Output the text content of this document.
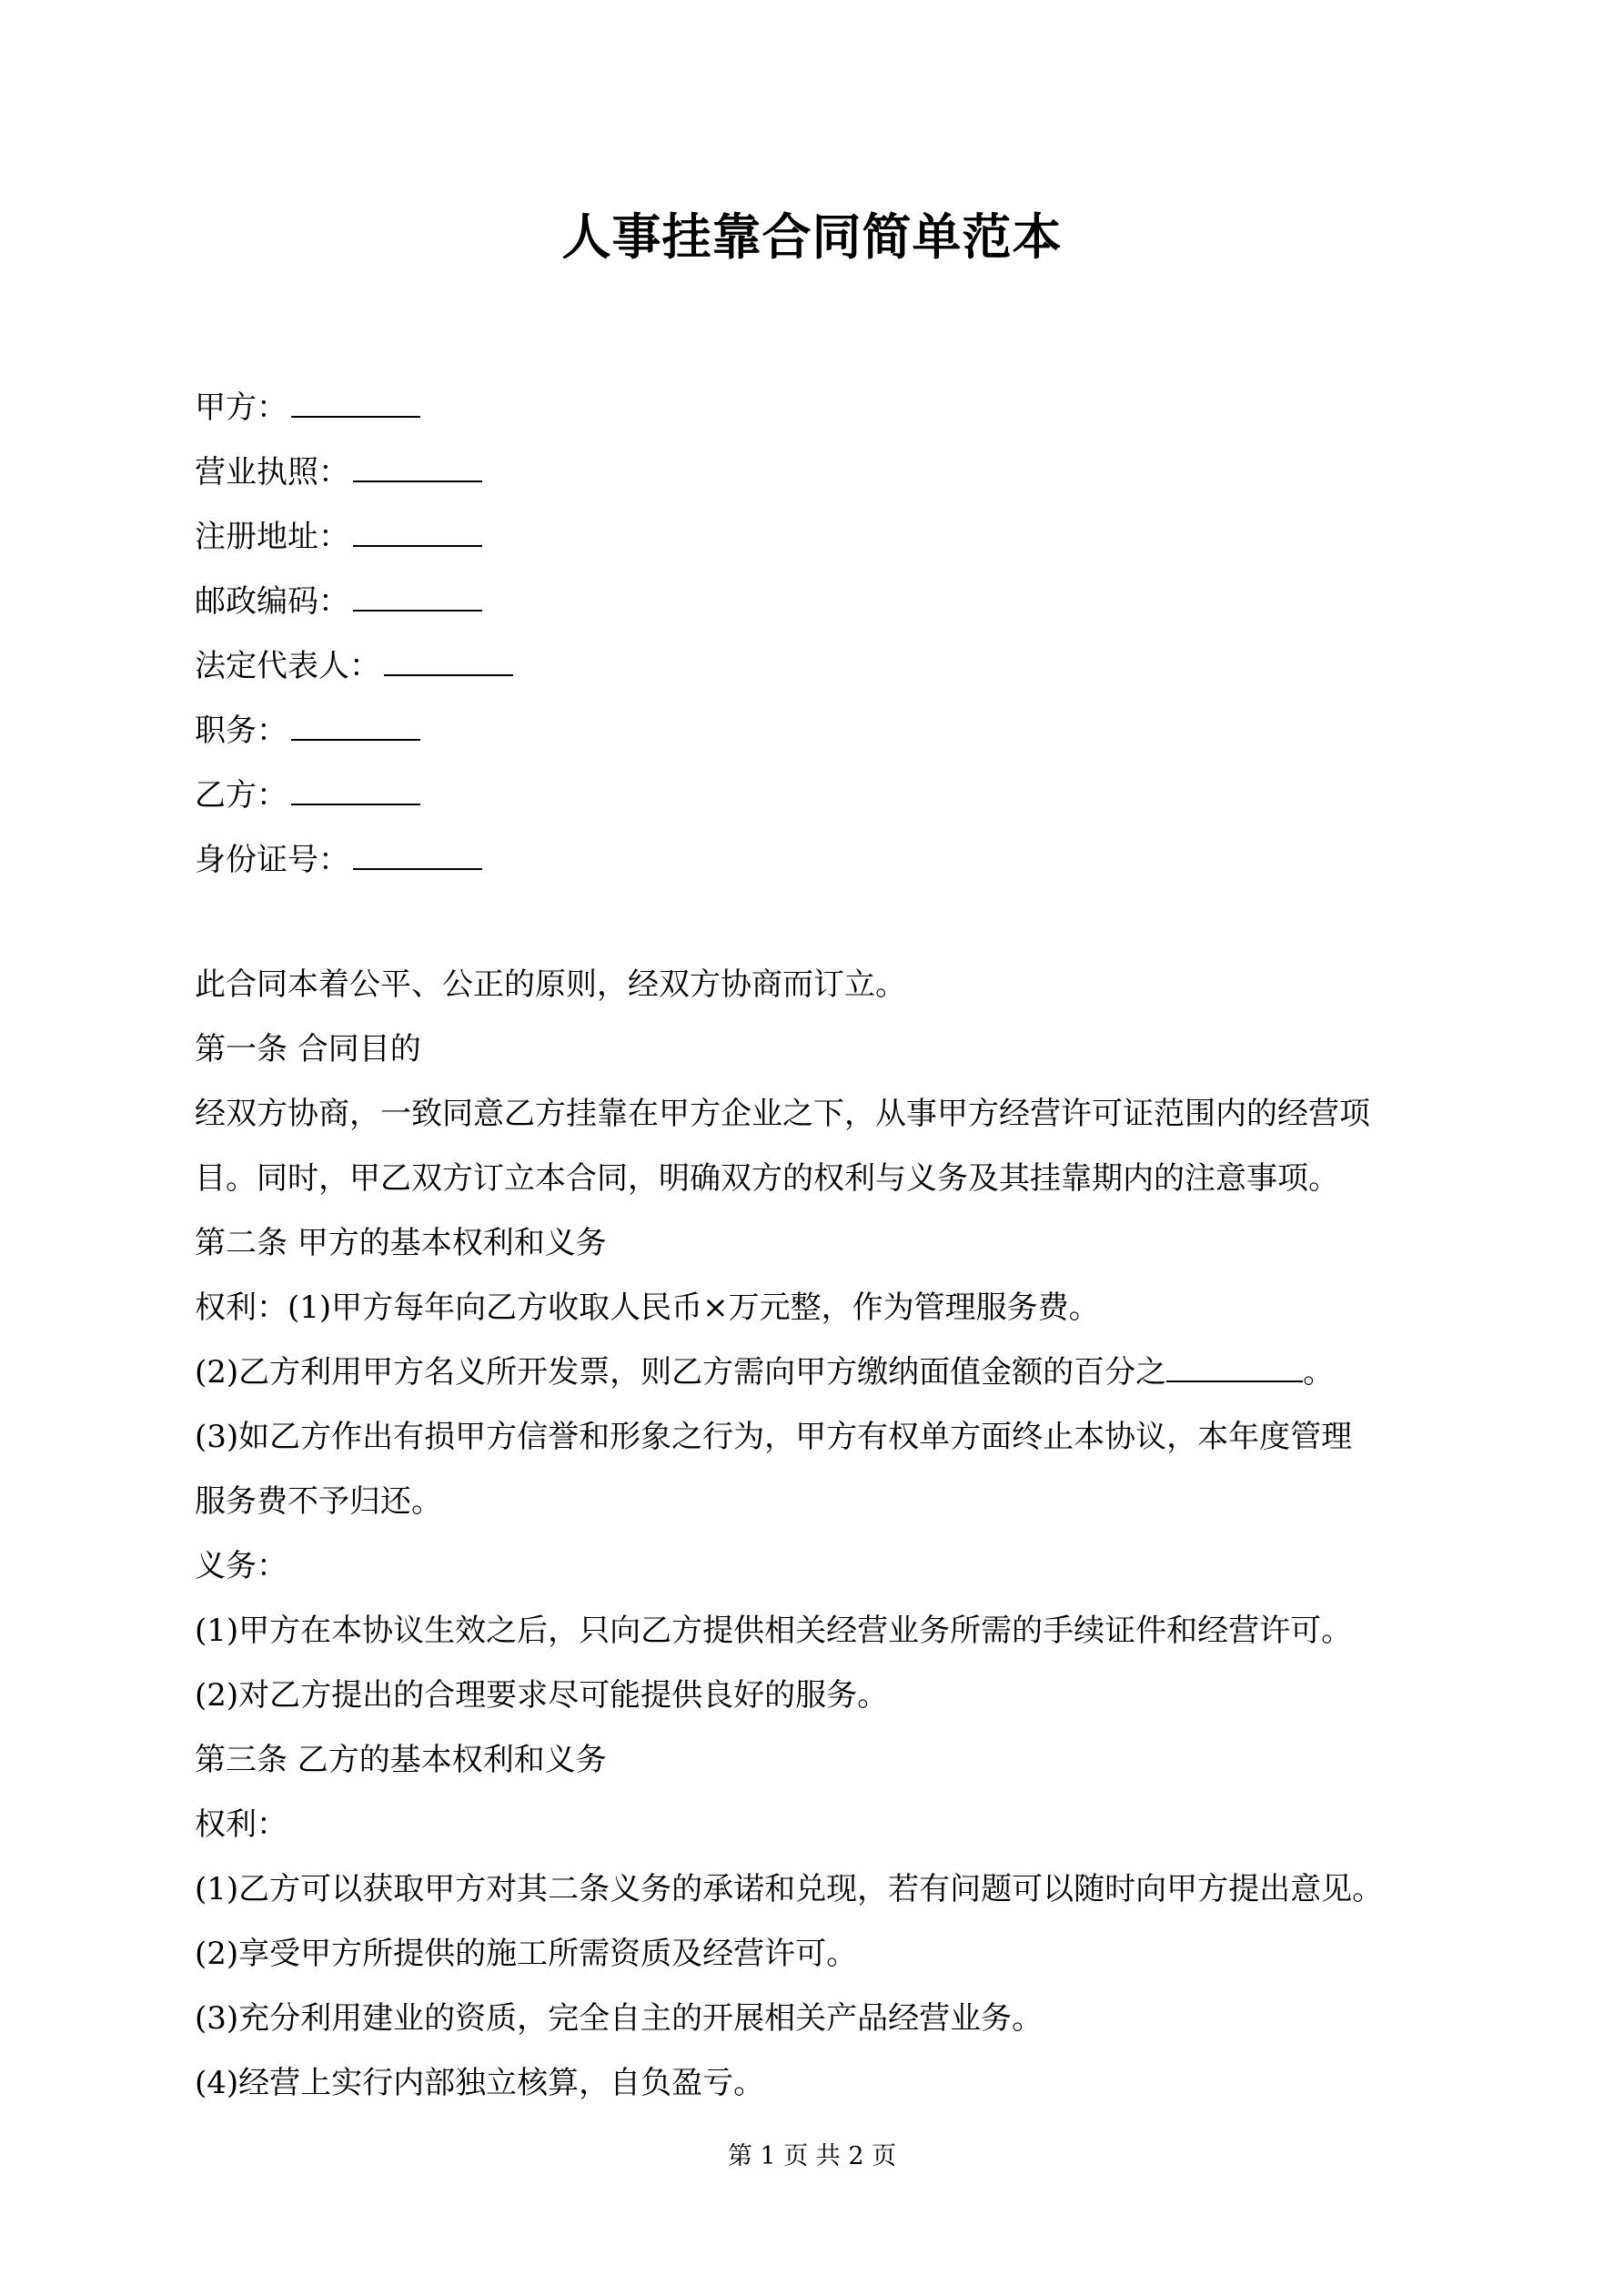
人事挂靠合同简单范本
甲方：
营业执照：
注册地址：
邮政编码：
法定代表人：
职务：
乙方：
身份证号：
此合同本着公平、公正的原则，经双方协商而订立。
第一条 合同目的
经双方协商，一致同意乙方挂靠在甲方企业之下，从事甲方经营许可证范围内的经营项
目。同时，甲乙双方订立本合同，明确双方的权利与义务及其挂靠期内的注意事项。
第二条 甲方的基本权利和义务
权利：(1)甲方每年向乙方收取人民币×万元整，作为管理服务费。
(2)乙方利用甲方名义所开发票，则乙方需向甲方缴纳面值金额的百分之	。
(3)如乙方作出有损甲方信誉和形象之行为，甲方有权单方面终止本协议，本年度管理
服务费不予归还。
义务：
(1)甲方在本协议生效之后，只向乙方提供相关经营业务所需的手续证件和经营许可。
(2)对乙方提出的合理要求尽可能提供良好的服务。
第三条 乙方的基本权利和义务
权利：
(1)乙方可以获取甲方对其二条义务的承诺和兑现，若有问题可以随时向甲方提出意见。
(2)享受甲方所提供的施工所需资质及经营许可。
(3)充分利用建业的资质，完全自主的开展相关产品经营业务。
(4)经营上实行内部独立核算，自负盈亏。
第 1 页 共 2 页
